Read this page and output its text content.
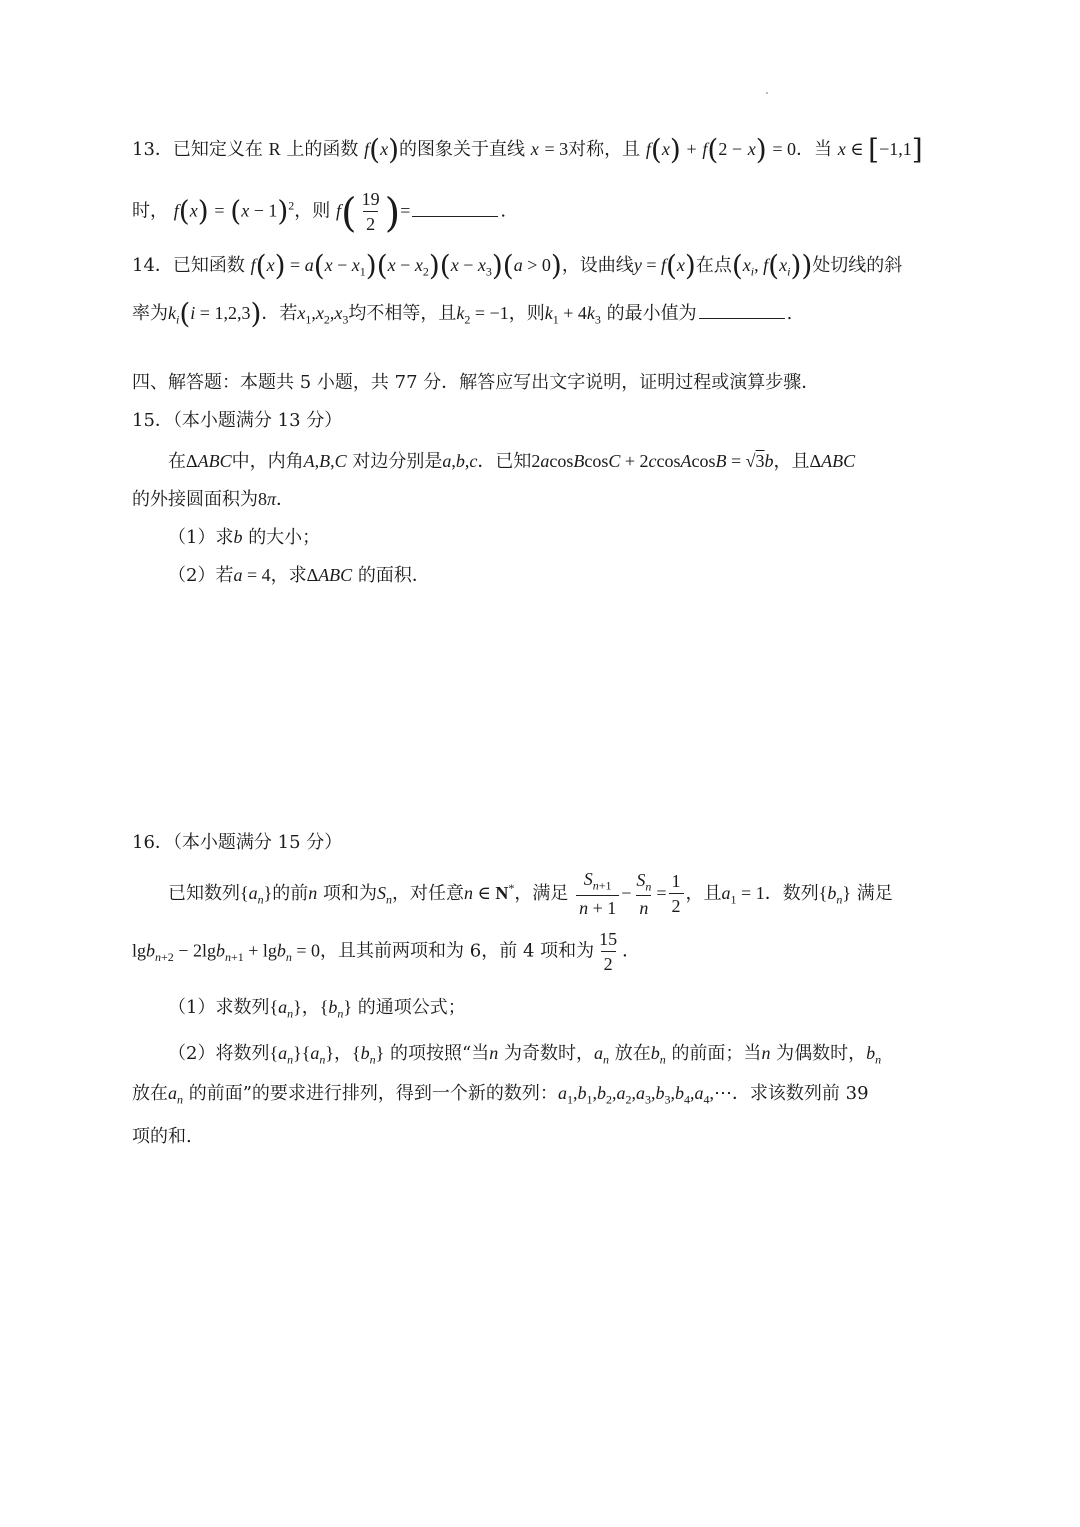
13．已知定义在 R 上的函数 f(x)的图象关于直线 x = 3对称，且 f(x) + f(2 − x) = 0．当 x ∈ [−1,1]
时， $f(x) = (x - 1)^2$，则 $f( \frac{19}{2}$ )=	.
14．已知函数 $f(x) = a(x - x_1)(x - x_2)(x - x_3)(a > 0)$，设曲线y = f(x)在点($x_i$, $f(x_i)$)处切线的斜
率为$k_i(i = 1,2,3)$．若$x_1,x_2,x_3$均不相等，且$k_2 = -1$，则$k_1 + 4k_3$ 的最小值为	.
四、解答题：本题共 5 小题，共 77 分．解答应写出文字说明，证明过程或演算步骤．
15．（本小题满分 13 分）
在ΔABC中，内角A,B,C 对边分别是a,b,c．已知2acosBcosC + 2ccosAcosB = √3b，且ΔABC
的外接圆面积为8π．
（1）求b 的大小；
（2）若a = 4，求ΔABC 的面积．
16．（本小题满分 15 分）
已知数列$\{a_n\}$的前n 项和为$S_n$，对任意n ∈ N*，满足 $\frac{S_{n+1}}{n + 1} - \frac{S_n}{n} = \frac{1}{2}$ ，且$a_1 = 1$．数列$\{b_n\}$ 满足
lgb$_{n+2}$ − 2lgb$_{n+1}$ + lgb$_n$ = 0，且其前两项和为 6，前 4 项和为 $\frac{15}{2}$ ．
（1）求数列$\{a_n\}$，$\{b_n\}$ 的通项公式；
（2）将数列$\{a_n\}\{a_n\}$，$\{b_n\}$ 的项按照“当n 为奇数时，$a_n$ 放在$b_n$ 的前面；当n 为偶数时，$b_n$
放在$a_n$ 的前面”的要求进行排列，得到一个新的数列：$a_1,b_1,b_2,a_2,a_3,b_3,b_4,a_4,\cdots$．求该数列前 39
项的和.
